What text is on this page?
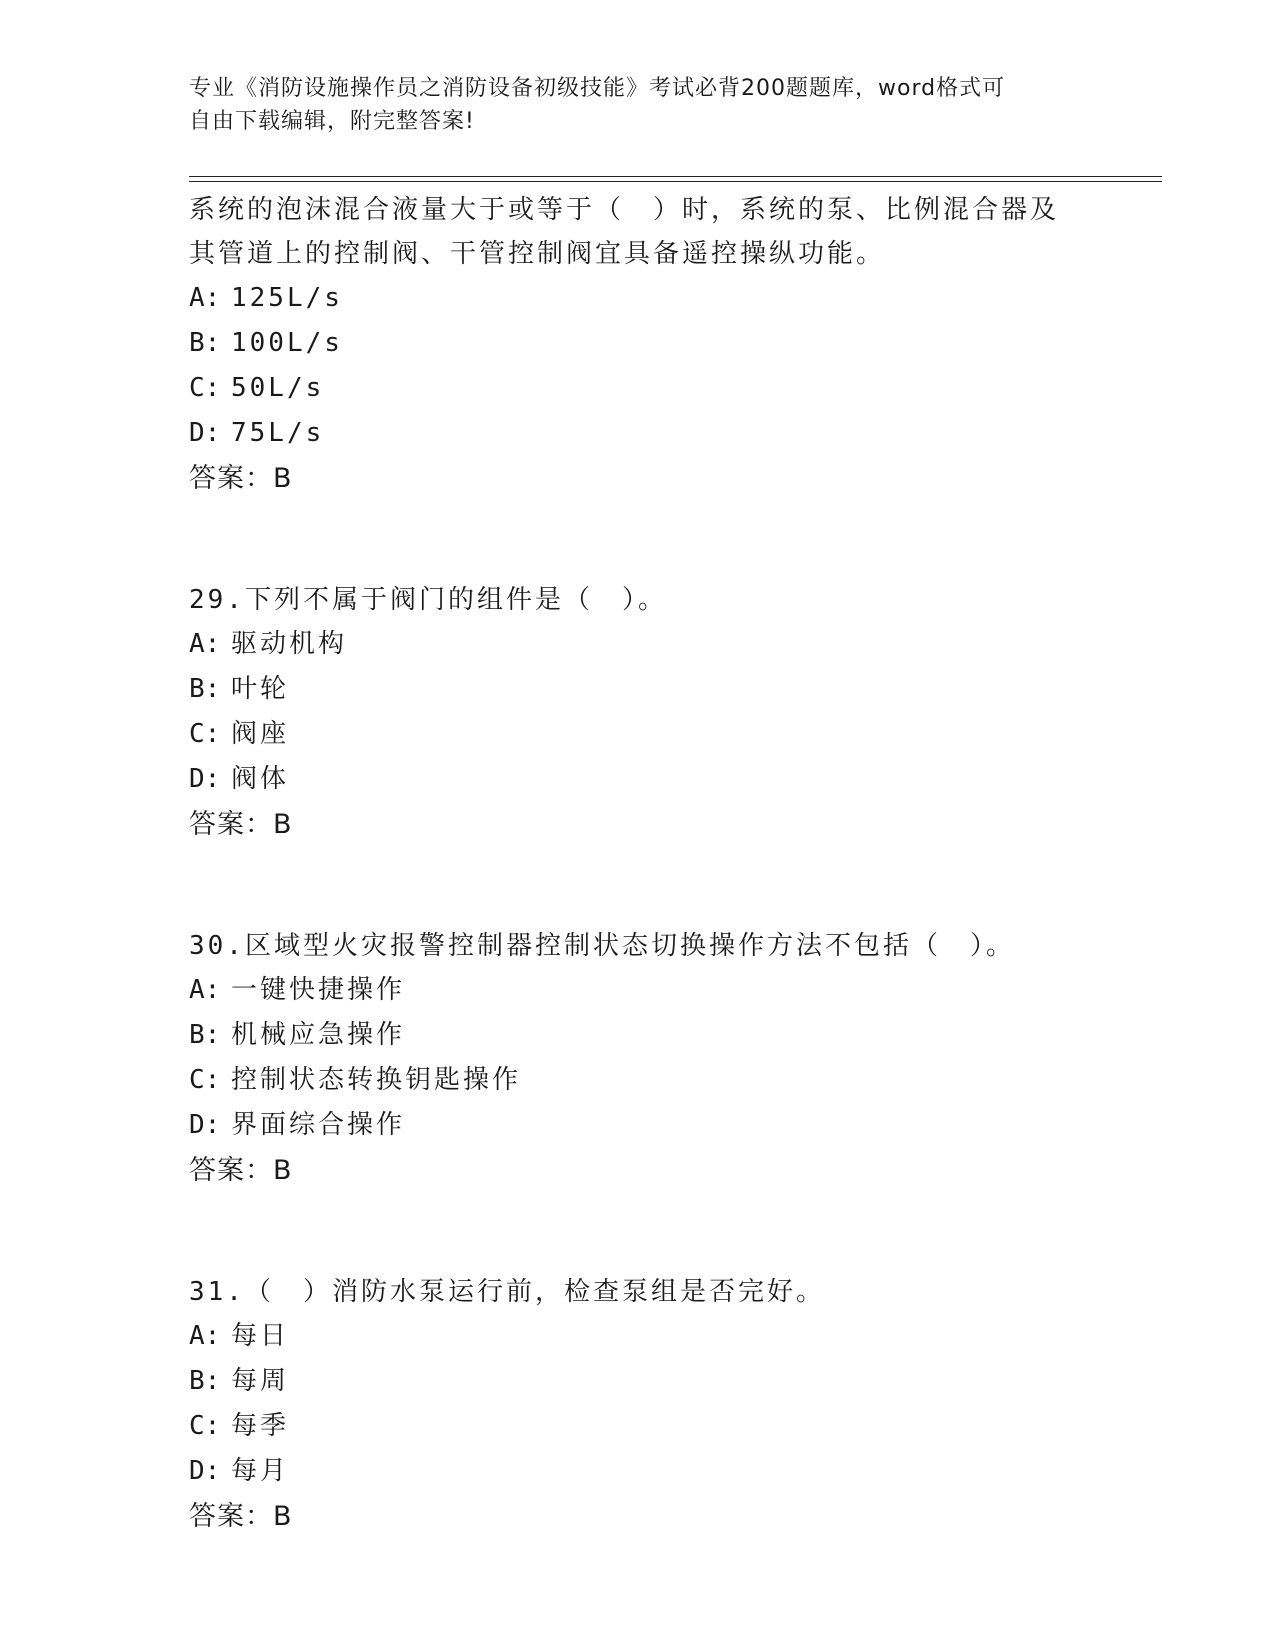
专业《消防设施操作员之消防设备初级技能》考试必背200题题库，word格式可
自由下载编辑，附完整答案!
系统的泡沫混合液量大于或等于（　）时，系统的泵、比例混合器及
其管道上的控制阀、干管控制阀宜具备遥控操纵功能。
A: 125L/s
B: 100L/s
C: 50L/s
D: 75L/s
答案：B
29.下列不属于阀门的组件是（　）。
A: 驱动机构
B: 叶轮
C: 阀座
D: 阀体
答案：B
30.区域型火灾报警控制器控制状态切换操作方法不包括（　）。
A: 一键快捷操作
B: 机械应急操作
C: 控制状态转换钥匙操作
D: 界面综合操作
答案：B
31.（　）消防水泵运行前，检查泵组是否完好。
A: 每日
B: 每周
C: 每季
D: 每月
答案：B
